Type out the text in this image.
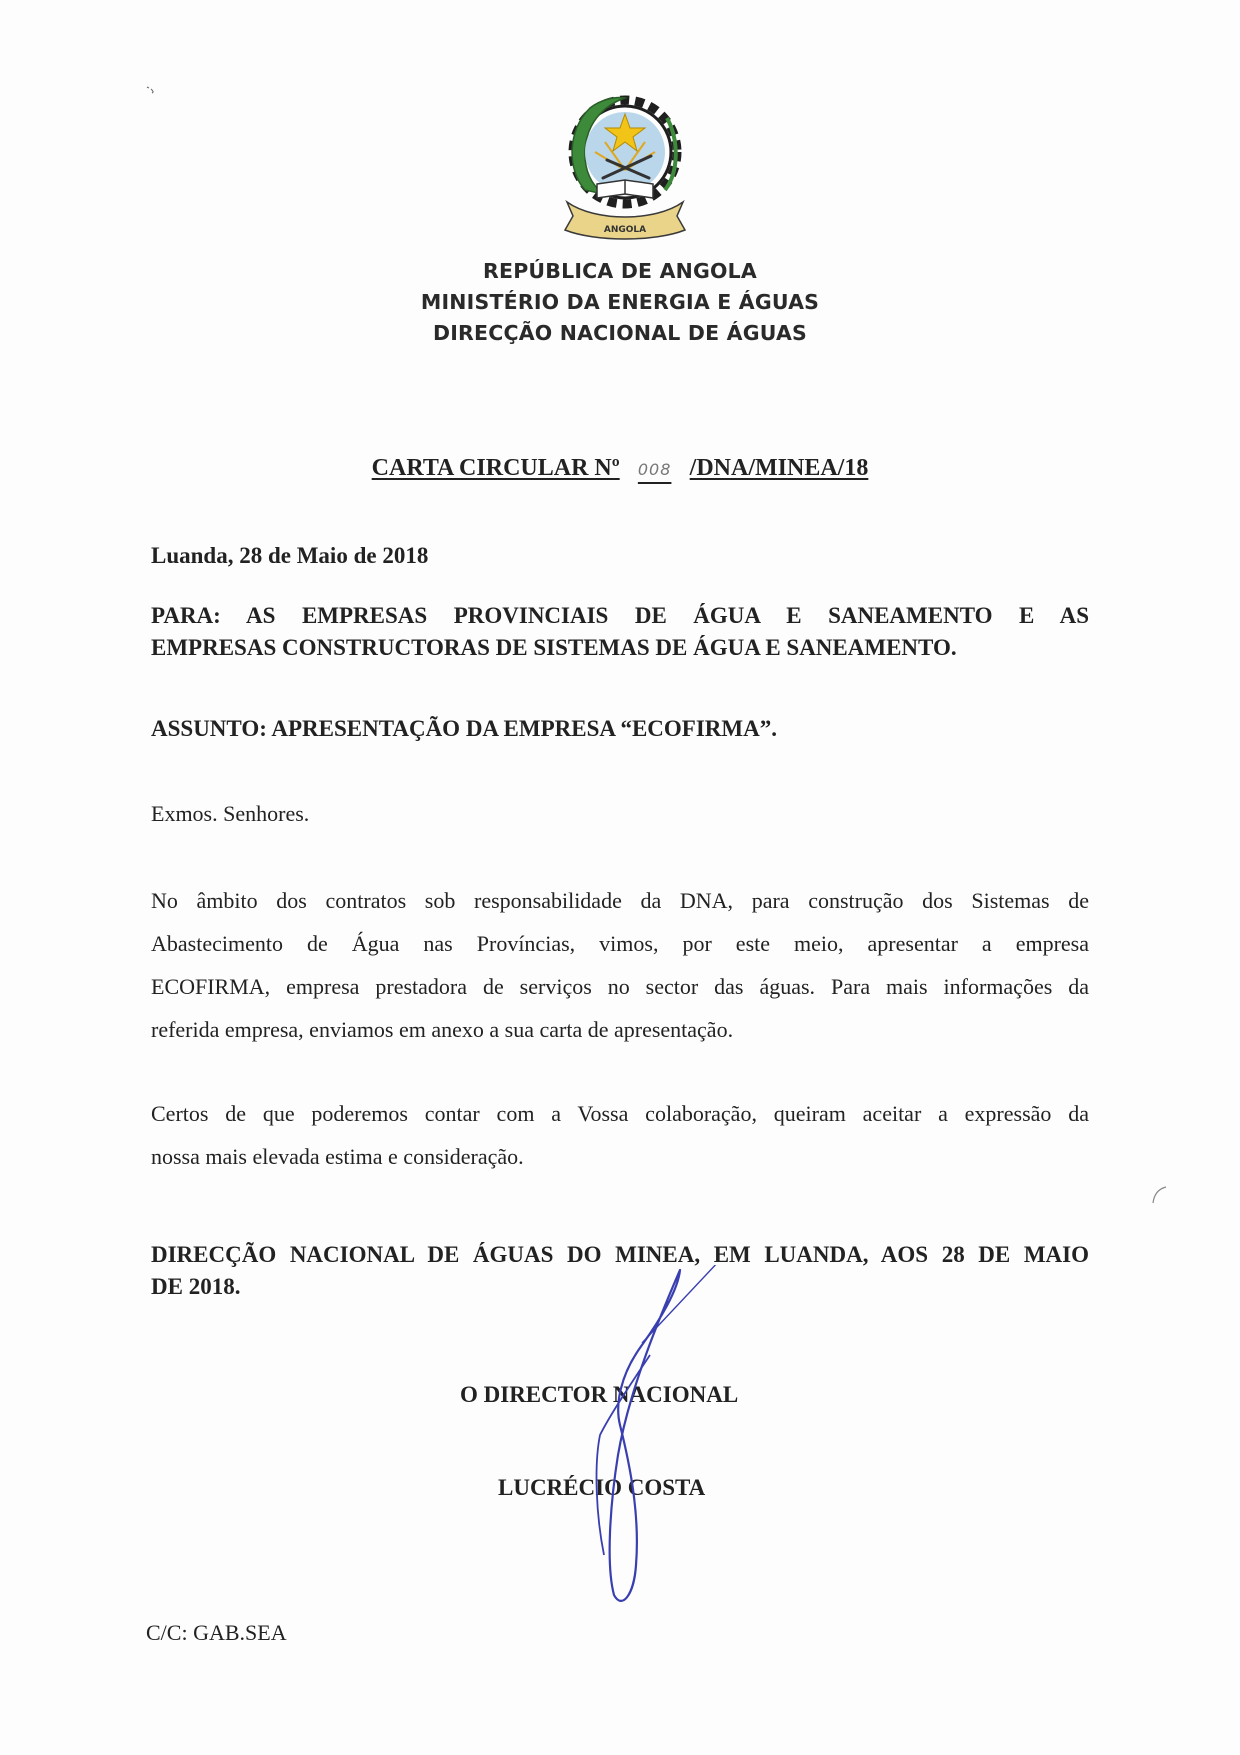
ANGOLA
REPÚBLICA DE ANGOLA
MINISTÉRIO DA ENERGIA E ÁGUAS
DIRECÇÃO NACIONAL DE ÁGUAS
CARTA CIRCULAR Nº 008 /DNA/MINEA/18
Luanda, 28 de Maio de 2018
PARA: AS EMPRESAS PROVINCIAIS DE ÁGUA E SANEAMENTO E AS
EMPRESAS CONSTRUCTORAS DE SISTEMAS DE ÁGUA E SANEAMENTO.
ASSUNTO: APRESENTAÇÃO DA EMPRESA “ECOFIRMA”.
Exmos. Senhores.
No âmbito dos contratos sob responsabilidade da DNA, para construção dos Sistemas de
Abastecimento de Água nas Províncias, vimos, por este meio, apresentar a empresa
ECOFIRMA, empresa prestadora de serviços no sector das águas. Para mais informações da
referida empresa, enviamos em anexo a sua carta de apresentação.
Certos de que poderemos contar com a Vossa colaboração, queiram aceitar a expressão da
nossa mais elevada estima e consideração.
DIRECÇÃO NACIONAL DE ÁGUAS DO MINEA, EM LUANDA, AOS 28 DE MAIO
DE 2018.
O DIRECTOR NACIONAL
LUCRÉCIO COSTA
C/C: GAB.SEA
